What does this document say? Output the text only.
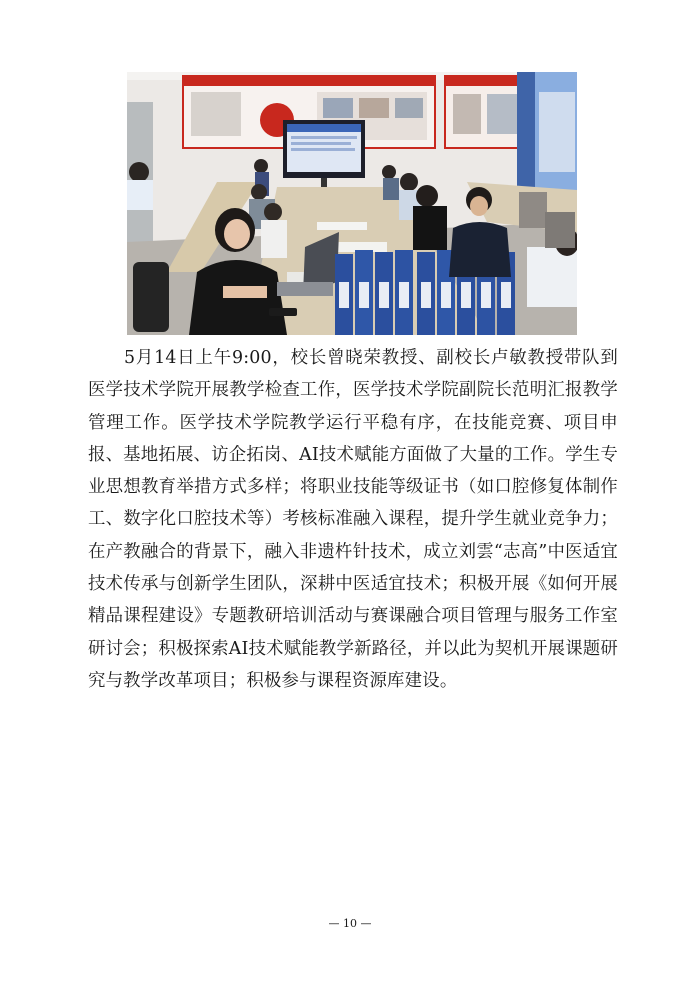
5月14日上午9:00，校长曾晓荣教授、副校长卢敏教授带队到医学技术学院开展教学检查工作，医学技术学院副院长范明汇报教学管理工作。医学技术学院教学运行平稳有序，在技能竞赛、项目申报、基地拓展、访企拓岗、AI技术赋能方面做了大量的工作。学生专业思想教育举措方式多样；将职业技能等级证书（如口腔修复体制作工、数字化口腔技术等）考核标准融入课程，提升学生就业竞争力；在产教融合的背景下，融入非遗杵针技术，成立刘雲“志高”中医适宜技术传承与创新学生团队，深耕中医适宜技术；积极开展《如何开展精品课程建设》专题教研培训活动与赛课融合项目管理与服务工作室研讨会；积极探索AI技术赋能教学新路径，并以此为契机开展课题研究与教学改革项目；积极参与课程资源库建设。

— 10 —
